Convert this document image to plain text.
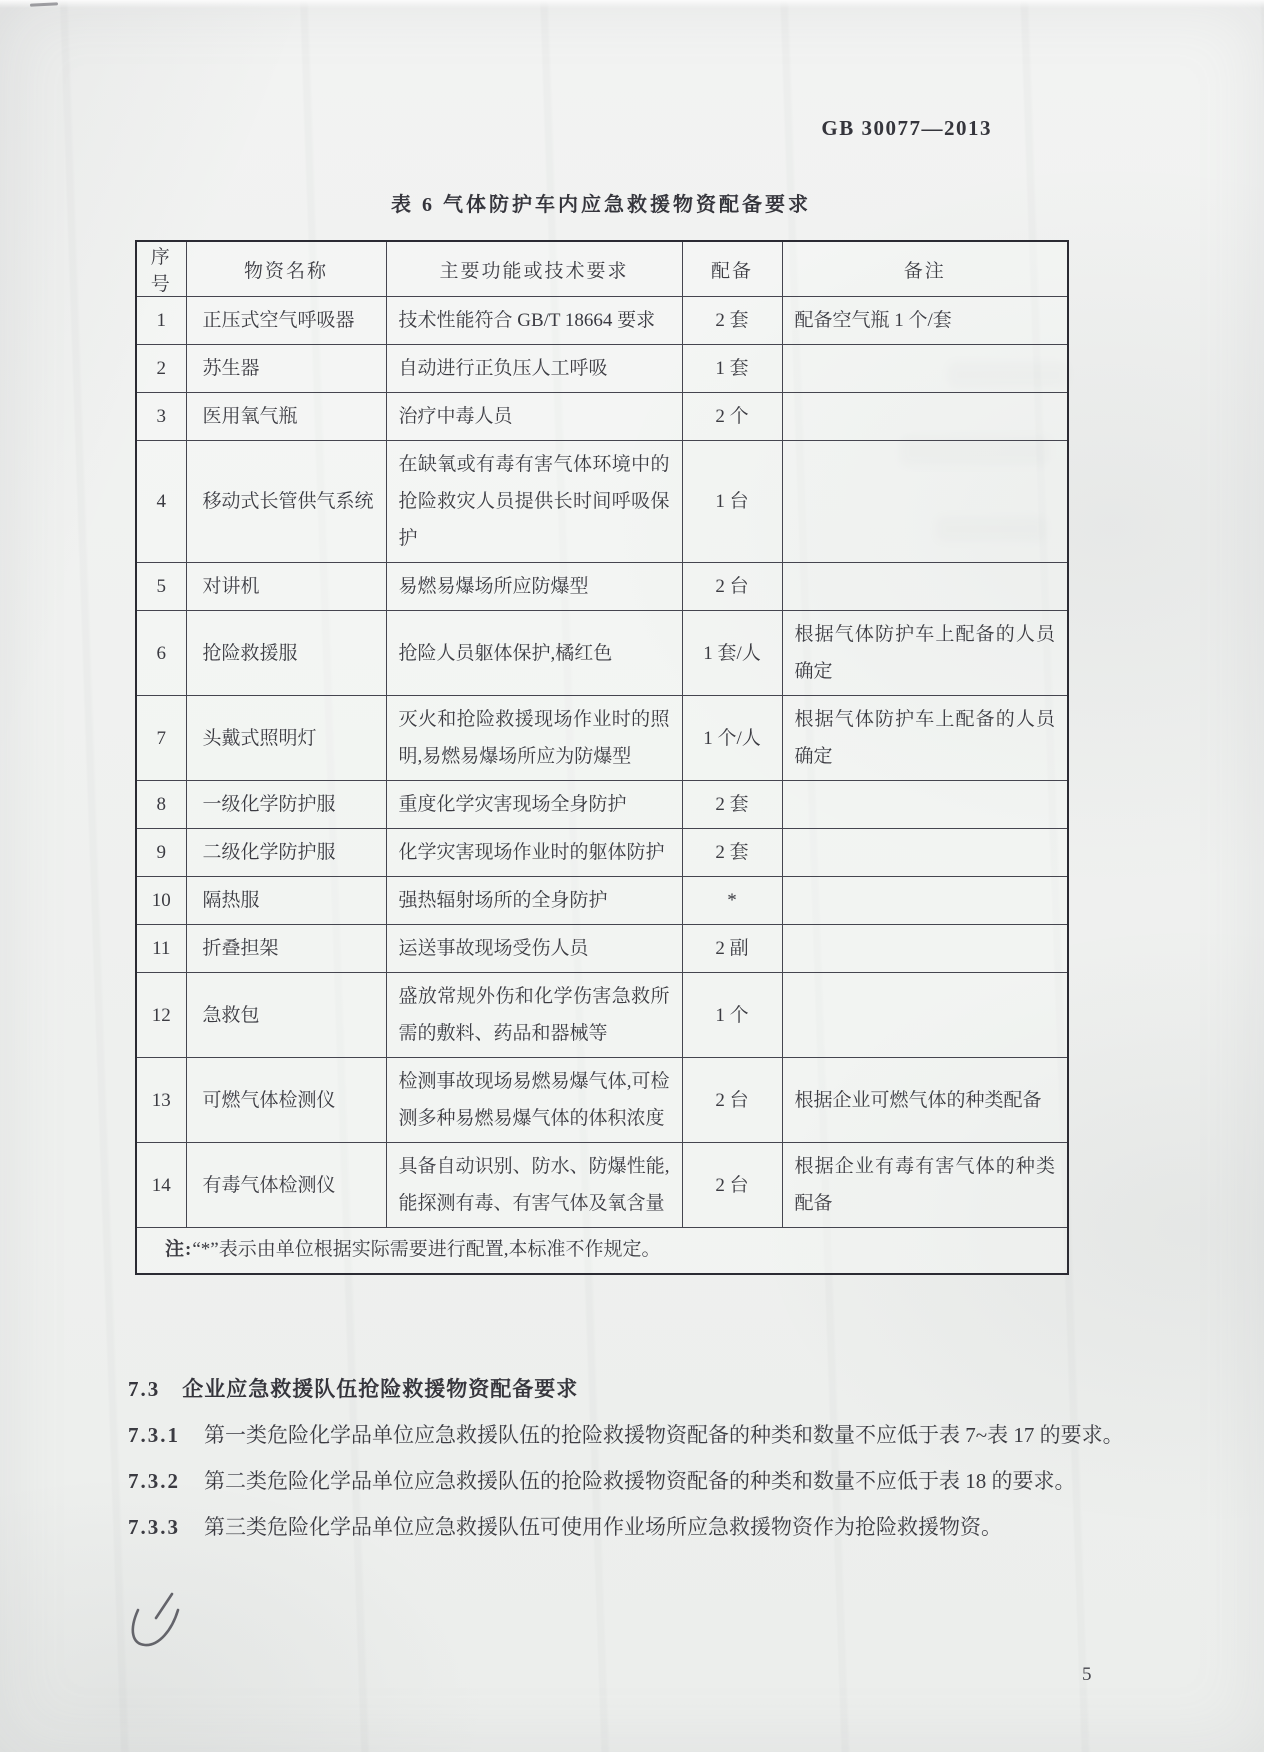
GB 30077—2013
表 6 气体防护车内应急救援物资配备要求
序号	物资名称	主要功能或技术要求	配备	备注
1	正压式空气呼吸器	技术性能符合 GB/T 18664 要求	2 套	配备空气瓶 1 个/套
2	苏生器	自动进行正负压人工呼吸	1 套	
3	医用氧气瓶	治疗中毒人员	2 个	
4	移动式长管供气系统	在缺氧或有毒有害气体环境中的抢险救灾人员提供长时间呼吸保护	1 台	
5	对讲机	易燃易爆场所应防爆型	2 台	
6	抢险救援服	抢险人员躯体保护,橘红色	1 套/人	根据气体防护车上配备的人员确定
7	头戴式照明灯	灭火和抢险救援现场作业时的照明,易燃易爆场所应为防爆型	1 个/人	根据气体防护车上配备的人员确定
8	一级化学防护服	重度化学灾害现场全身防护	2 套	
9	二级化学防护服	化学灾害现场作业时的躯体防护	2 套	
10	隔热服	强热辐射场所的全身防护	*	
11	折叠担架	运送事故现场受伤人员	2 副	
12	急救包	盛放常规外伤和化学伤害急救所需的敷料、药品和器械等	1 个	
13	可燃气体检测仪	检测事故现场易燃易爆气体,可检测多种易燃易爆气体的体积浓度	2 台	根据企业可燃气体的种类配备
14	有毒气体检测仪	具备自动识别、防水、防爆性能,能探测有毒、有害气体及氧含量	2 台	根据企业有毒有害气体的种类配备
注:“*”表示由单位根据实际需要进行配置,本标准不作规定。				
7.3 企业应急救援队伍抢险救援物资配备要求

7.3.1 第一类危险化学品单位应急救援队伍的抢险救援物资配备的种类和数量不应低于表 7~表 17 的要求。

7.3.2 第二类危险化学品单位应急救援队伍的抢险救援物资配备的种类和数量不应低于表 18 的要求。

7.3.3 第三类危险化学品单位应急救援队伍可使用作业场所应急救援物资作为抢险救援物资。

5
